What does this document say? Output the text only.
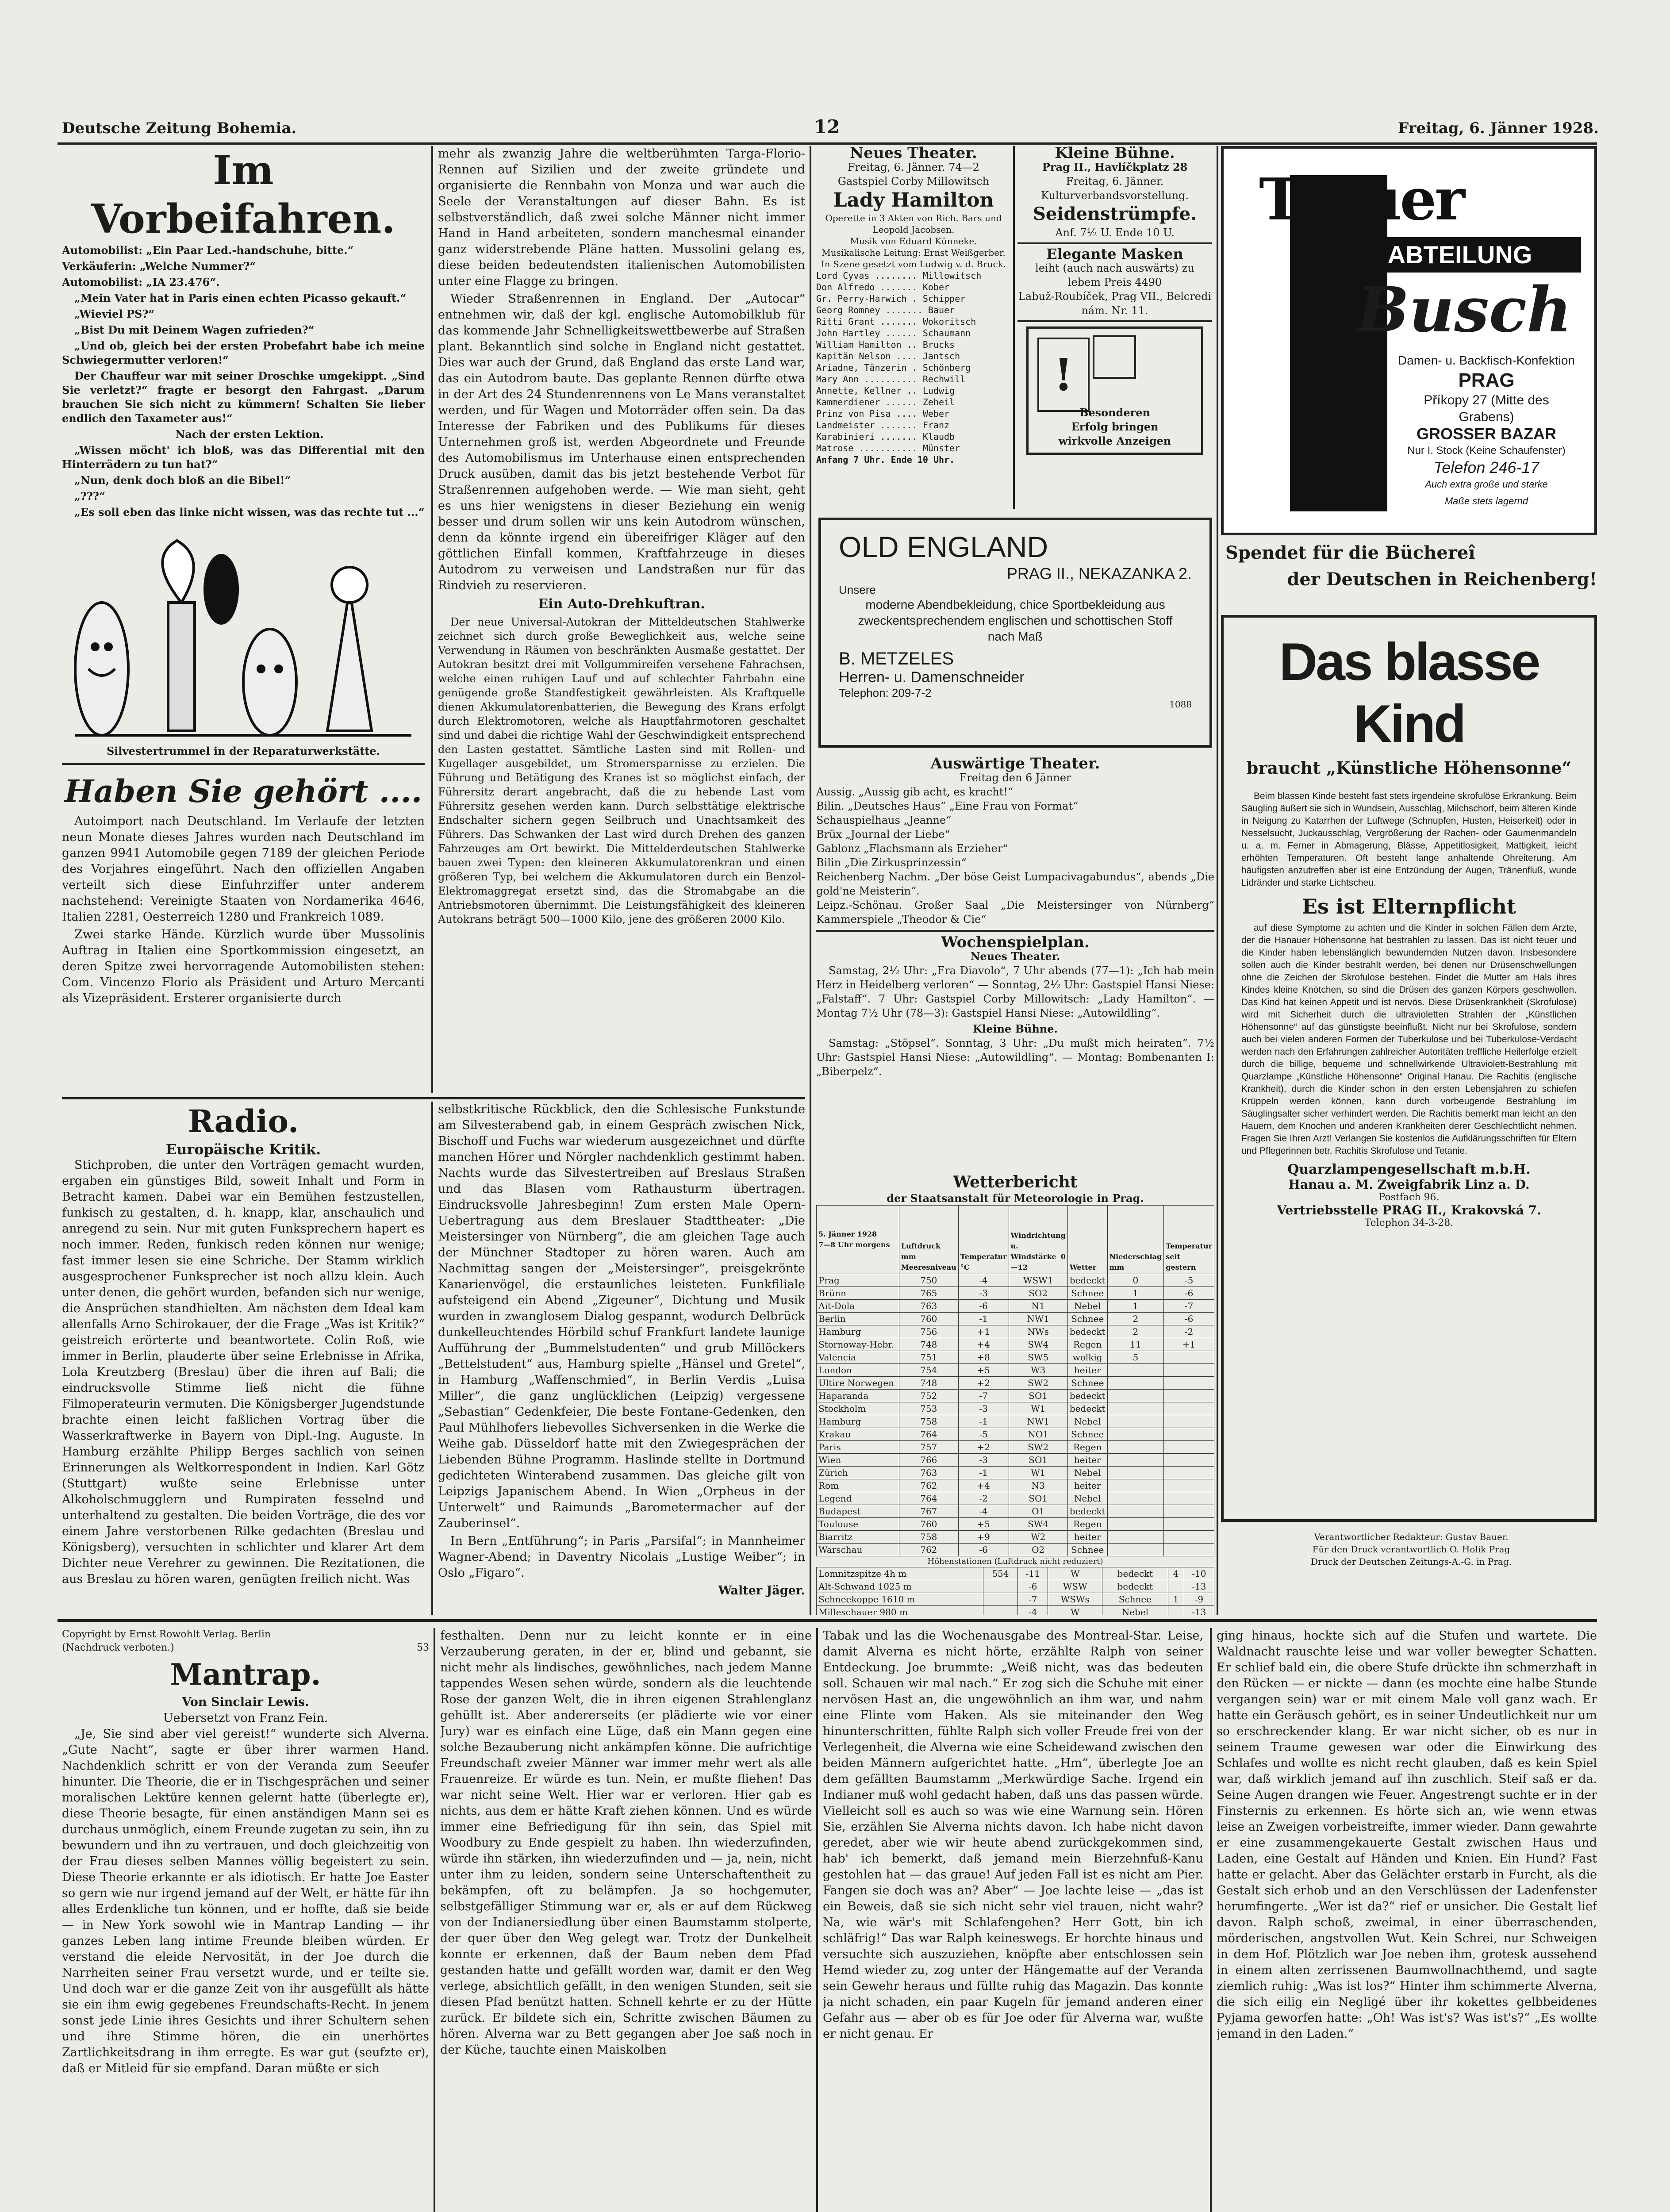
Deutsche Zeitung Bohemia.	12	Freitag, 6. Jänner 1928.
Im Vorbeifahren.

Automobilist: „Ein Paar Led.-handschuhe, bitte.“

Verkäuferin: „Welche Nummer?“

Automobilist: „IA 23.476“.

„Mein Vater hat in Paris einen echten Picasso gekauft.“

„Wieviel PS?“

„Bist Du mit Deinem Wagen zufrieden?“

„Und ob, gleich bei der ersten Probefahrt habe ich meine Schwiegermutter verloren!“

Der Chauffeur war mit seiner Droschke umgekippt. „Sind Sie verletzt?“ fragte er besorgt den Fahrgast. „Darum brauchen Sie sich nicht zu kümmern! Schalten Sie lieber endlich den Taxameter aus!“

Nach der ersten Lektion.

„Wissen möcht' ich bloß, was das Differential mit den Hinterrädern zu tun hat?“

„Nun, denk doch bloß an die Bibel!“

„???“

„Es soll eben das linke nicht wissen, was das rechte tut ...“

Silvestertrummel in der Reparaturwerkstätte.
Haben Sie gehört ....

Autoimport nach Deutschland. Im Verlaufe der letzten neun Monate dieses Jahres wurden nach Deutschland im ganzen 9941 Automobile gegen 7189 der gleichen Periode des Vorjahres eingeführt. Nach den offiziellen Angaben verteilt sich diese Einfuhrziffer unter anderem nachstehend: Vereinigte Staaten von Nordamerika 4646, Italien 2281, Oesterreich 1280 und Frankreich 1089.

Zwei starke Hände. Kürzlich wurde über Mussolinis Auftrag in Italien eine Sportkommission eingesetzt, an deren Spitze zwei hervorragende Automobilisten stehen: Com. Vincenzo Florio als Präsident und Arturo Mercanti als Vizepräsident. Ersterer organisierte durch

mehr als zwanzig Jahre die weltberühmten Targa-Florio-Rennen auf Sizilien und der zweite gründete und organisierte die Rennbahn von Monza und war auch die Seele der Veranstaltungen auf dieser Bahn. Es ist selbstverständlich, daß zwei solche Männer nicht immer Hand in Hand arbeiteten, sondern manchesmal einander ganz widerstrebende Pläne hatten. Mussolini gelang es, diese beiden bedeutendsten italienischen Automobilisten unter eine Flagge zu bringen.

Wieder Straßenrennen in England. Der „Autocar“ entnehmen wir, daß der kgl. englische Automobilklub für das kommende Jahr Schnelligkeitswettbewerbe auf Straßen plant. Bekanntlich sind solche in England nicht gestattet. Dies war auch der Grund, daß England das erste Land war, das ein Autodrom baute. Das geplante Rennen dürfte etwa in der Art des 24 Stundenrennens von Le Mans veranstaltet werden, und für Wagen und Motorräder offen sein. Da das Interesse der Fabriken und des Publikums für dieses Unternehmen groß ist, werden Abgeordnete und Freunde des Automobilismus im Unterhause einen entsprechenden Druck ausüben, damit das bis jetzt bestehende Verbot für Straßenrennen aufgehoben werde. — Wie man sieht, geht es uns hier wenigstens in dieser Beziehung ein wenig besser und drum sollen wir uns kein Autodrom wünschen, denn da könnte irgend ein übereifriger Kläger auf den göttlichen Einfall kommen, Kraftfahrzeuge in dieses Autodrom zu verweisen und Landstraßen nur für das Rindvieh zu reservieren.

Ein Auto-Drehkuftran.

Der neue Universal-Autokran der Mitteldeutschen Stahlwerke zeichnet sich durch große Beweglichkeit aus, welche seine Verwendung in Räumen von beschränkten Ausmaße gestattet. Der Autokran besitzt drei mit Vollgummireifen versehene Fahrachsen, welche einen ruhigen Lauf und auf schlechter Fahrbahn eine genügende große Standfestigkeit gewährleisten. Als Kraftquelle dienen Akkumulatorenbatterien, die Bewegung des Krans erfolgt durch Elektromotoren, welche als Hauptfahrmotoren geschaltet sind und dabei die richtige Wahl der Geschwindigkeit entsprechend den Lasten gestattet. Sämtliche Lasten sind mit Rollen- und Kugellager ausgebildet, um Stromersparnisse zu erzielen. Die Führung und Betätigung des Kranes ist so möglichst einfach, der Führersitz derart angebracht, daß die zu hebende Last vom Führersitz gesehen werden kann. Durch selbsttätige elektrische Endschalter sichern gegen Seilbruch und Unachtsamkeit des Führers. Das Schwanken der Last wird durch Drehen des ganzen Fahrzeuges am Ort bewirkt. Die Mittelderdeutschen Stahlwerke bauen zwei Typen: den kleineren Akkumulatorenkran und einen größeren Typ, bei welchem die Akkumulatoren durch ein Benzol-Elektromaggregat ersetzt sind, das die Stromabgabe an die Antriebsmotoren übernimmt. Die Leistungsfähigkeit des kleineren Autokrans beträgt 500—1000 Kilo, jene des größeren 2000 Kilo.

Radio.
Europäische Kritik.

Stichproben, die unter den Vorträgen gemacht wurden, ergaben ein günstiges Bild, soweit Inhalt und Form in Betracht kamen. Dabei war ein Bemühen festzustellen, funkisch zu gestalten, d. h. knapp, klar, anschaulich und anregend zu sein. Nur mit guten Funksprechern hapert es noch immer. Reden, funkisch reden können nur wenige; fast immer lesen sie eine Schriche. Der Stamm wirklich ausgesprochener Funksprecher ist noch allzu klein. Auch unter denen, die gehört wurden, befanden sich nur wenige, die Ansprüchen standhielten. Am nächsten dem Ideal kam allenfalls Arno Schirokauer, der die Frage „Was ist Kritik?“ geistreich erörterte und beantwortete. Colin Roß, wie immer in Berlin, plauderte über seine Erlebnisse in Afrika, Lola Kreutzberg (Breslau) über die ihren auf Bali; die eindrucksvolle Stimme ließ nicht die fühne Filmoperateurin vermuten. Die Königsberger Jugendstunde brachte einen leicht faßlichen Vortrag über die Wasserkraftwerke in Bayern von Dipl.-Ing. Auguste. In Hamburg erzählte Philipp Berges sachlich von seinen Erinnerungen als Weltkorrespondent in Indien. Karl Götz (Stuttgart) wußte seine Erlebnisse unter Alkoholschmugglern und Rumpiraten fesselnd und unterhaltend zu gestalten. Die beiden Vorträge, die des vor einem Jahre verstorbenen Rilke gedachten (Breslau und Königsberg), versuchten in schlichter und klarer Art dem Dichter neue Verehrer zu gewinnen. Die Rezitationen, die aus Breslau zu hören waren, genügten freilich nicht. Was

selbstkritische Rückblick, den die Schlesische Funkstunde am Silvesterabend gab, in einem Gespräch zwischen Nick, Bischoff und Fuchs war wiederum ausgezeichnet und dürfte manchen Hörer und Nörgler nachdenklich gestimmt haben. Nachts wurde das Silvestertreiben auf Breslaus Straßen und das Blasen vom Rathausturm übertragen. Eindrucksvolle Jahresbeginn! Zum ersten Male Opern-Uebertragung aus dem Breslauer Stadttheater: „Die Meistersinger von Nürnberg“, die am gleichen Tage auch der Münchner Stadtoper zu hören waren. Auch am Nachmittag sangen der „Meistersinger“, preisgekrönte Kanarienvögel, die erstaunliches leisteten. Funkfiliale aufsteigend ein Abend „Zigeuner“, Dichtung und Musik wurden in zwanglosem Dialog gespannt, wodurch Delbrück dunkelleuchtendes Hörbild schuf Frankfurt landete launige Aufführung der „Bummelstudenten“ und grub Millöckers „Bettelstudent“ aus, Hamburg spielte „Hänsel und Gretel“, in Hamburg „Waffenschmied“, in Berlin Verdis „Luisa Miller“, die ganz unglücklichen (Leipzig) vergessene „Sebastian“ Gedenkfeier, Die beste Fontane-Gedenken, den Paul Mühlhofers liebevolles Sichversenken in die Werke die Weihe gab. Düsseldorf hatte mit den Zwiegesprächen der Liebenden Bühne Programm. Haslinde stellte in Dortmund gedichteten Winterabend zusammen. Das gleiche gilt von Leipzigs Japanischem Abend. In Wien „Orpheus in der Unterwelt“ und Raimunds „Barometermacher auf der Zauberinsel“.

In Bern „Entführung“; in Paris „Parsifal“; in Mannheimer Wagner-Abend; in Daventry Nicolais „Lustige Weiber“; in Oslo „Figaro“.

Walter Jäger.
Neues Theater.
Freitag, 6. Jänner. 74—2
Gastspiel Corby Millowitsch
Lady Hamilton
Operette in 3 Akten von Rich. Bars und Leopold Jacobsen.
Musik von Eduard Künneke.
Musikalische Leitung: Ernst Weißgerber. In Szene gesetzt vom Ludwig v. d. Bruck.
Lord Cyvas ........ Millowitsch
Don Alfredo ....... Kober
Gr. Perry-Harwich . Schipper
Georg Romney ....... Bauer
Ritti Grant ....... Wokoritsch
John Hartley ...... Schaumann
William Hamilton .. Brucks
Kapitän Nelson .... Jantsch
Ariadne, Tänzerin . Schönberg
Mary Ann .......... Rechwill
Annette, Kellner .. Ludwig
Kammerdiener ...... Zeheil
Prinz von Pisa .... Weber
Landmeister ....... Franz
Karabinieri ....... Klaudb
Matrose ........... Münster
Anfang 7 Uhr. Ende 10 Uhr.
Kleine Bühne.
Prag II., Havlíčkplatz 28
Freitag, 6. Jänner.
Kulturverbandsvorstellung.
Seidenstrümpfe.
Anf. 7½ U. Ende 10 U.
Elegante Masken
leiht (auch nach auswärts) zu lebem Preis 4490
Labuž-Roubíček, Prag VII., Belcredi nám. Nr. 11.
!
Besonderen
Erfolg bringen
wirkvolle Anzeigen
OLD ENGLAND
PRAG II., NEKAZANKA 2.
Unsere
moderne Abendbekleidung, chice Sportbekleidung aus zweckentsprechendem englischen und schottischen Stoff nach Maß
B. METZELES
Herren- u. Damenschneider
Telephon: 209-7-2
1088
Auswärtige Theater.
Freitag den 6 Jänner
Aussig. „Aussig gib acht, es kracht!“
Bilin. „Deutsches Haus“ „Eine Frau von Format“
Schauspielhaus „Jeanne“
Brüx „Journal der Liebe“
Gablonz „Flachsmann als Erzieher“
Bilin „Die Zirkusprinzessin“
Reichenberg Nachm. „Der böse Geist Lumpacivagabundus“, abends „Die gold'ne Meisterin“.
Leipz.-Schönau. Großer Saal „Die Meistersinger von Nürnberg“ Kammerspiele „Theodor & Cie“
Wochenspielplan.
Neues Theater.

Samstag, 2½ Uhr: „Fra Diavolo“, 7 Uhr abends (77—1): „Ich hab mein Herz in Heidelberg verloren“ — Sonntag, 2½ Uhr: Gastspiel Hansi Niese: „Falstaff“. 7 Uhr: Gastspiel Corby Millowitsch: „Lady Hamilton“. — Montag 7½ Uhr (78—3): Gastspiel Hansi Niese: „Autowildling“.

Kleine Bühne.

Samstag: „Stöpsel“. Sonntag, 3 Uhr: „Du mußt mich heiraten“. 7½ Uhr: Gastspiel Hansi Niese: „Autowildling“. — Montag: Bombenanten I: „Biberpelz“.

Wetterbericht
der Staatsanstalt für Meteorologie in Prag.
5. Jänner 1928
7—8 Uhr morgens	Luftdruck mm Meeresniveau	Temperatur °C	Windrichtung u. Windstärke 0—12	Wetter	Niederschlag mm	Temperatur seit gestern
Prag	750	-4	WSW1	bedeckt	0	-5
Brünn	765	-3	SO2	Schnee	1	-6
Ait-Dola	763	-6	N1	Nebel	1	-7
Berlin	760	-1	NW1	Schnee	2	-6
Hamburg	756	+1	NWs	bedeckt	2	-2
Stornoway-Hebr.	748	+4	SW4	Regen	11	+1
Valencia	751	+8	SW5	wolkig	5	
London	754	+5	W3	heiter		
Ultire Norwegen	748	+2	SW2	Schnee		
Haparanda	752	-7	SO1	bedeckt		
Stockholm	753	-3	W1	bedeckt		
Hamburg	758	-1	NW1	Nebel		
Krakau	764	-5	NO1	Schnee		
Paris	757	+2	SW2	Regen		
Wien	766	-3	SO1	heiter		
Zürich	763	-1	W1	Nebel		
Rom	762	+4	N3	heiter		
Legend	764	-2	SO1	Nebel		
Budapest	767	-4	O1	bedeckt		
Toulouse	760	+5	SW4	Regen		
Biarritz	758	+9	W2	heiter		
Warschau	762	-6	O2	Schnee		
Höhenstationen (Luftdruck nicht reduziert)
Lomnitzspitze 4h m	554	-11	W	bedeckt	4	-10
Alt-Schwand 1025 m		-6	WSW	bedeckt		-13
Schneekoppe 1610 m		-7	WSWs	Schnee	1	-9
Milleschauer 980 m		-4	W	Nebel		-13
Trauer
ABTEILUNG
Busch
Damen- u. Backfisch-Konfektion
PRAG
Příkopy 27 (Mitte des Grabens)
GROSSER BAZAR
Nur I. Stock (Keine Schaufenster)
Telefon 246-17
Auch extra große und starke
Maße stets lagernd
Spendet für die Büchereî
der Deutschen in Reichenberg!
Das blasse Kind
braucht „Künstliche Höhensonne“

Beim blassen Kinde besteht fast stets irgendeine skrofulöse Erkrankung. Beim Säugling äußert sie sich in Wundsein, Ausschlag, Milchschorf, beim älteren Kinde in Neigung zu Katarrhen der Luftwege (Schnupfen, Husten, Heiserkeit) oder in Nesselsucht, Juckausschlag, Vergrößerung der Rachen- oder Gaumenmandeln u. a. m. Ferner in Abmagerung, Blässe, Appetitlosigkeit, Mattigkeit, leicht erhöhten Temperaturen. Oft besteht lange anhaltende Ohreiterung. Am häufigsten anzutreffen aber ist eine Entzündung der Augen, Tränenfluß, wunde Lidränder und starke Lichtscheu.

Es ist Elternpflicht

auf diese Symptome zu achten und die Kinder in solchen Fällen dem Arzte, der die Hanauer Höhensonne hat bestrahlen zu lassen. Das ist nicht teuer und die Kinder haben lebenslänglich bewundernden Nutzen davon. Insbesondere sollen auch die Kinder bestrahlt werden, bei denen nur Drüsenschwellungen ohne die Zeichen der Skrofulose bestehen. Findet die Mutter am Hals ihres Kindes kleine Knötchen, so sind die Drüsen des ganzen Körpers geschwollen. Das Kind hat keinen Appetit und ist nervös. Diese Drüsenkrankheit (Skrofulose) wird mit Sicherheit durch die ultravioletten Strahlen der „Künstlichen Höhensonne“ auf das günstigste beeinflußt. Nicht nur bei Skrofulose, sondern auch bei vielen anderen Formen der Tuberkulose und bei Tuberkulose-Verdacht werden nach den Erfahrungen zahlreicher Autoritäten treffliche Heilerfolge erzielt durch die billige, bequeme und schnellwirkende Ultraviolett-Bestrahlung mit Quarzlampe „Künstliche Höhensonne“ Original Hanau. Die Rachitis (englische Krankheit), durch die Kinder schon in den ersten Lebensjahren zu schiefen Krüppeln werden können, kann durch vorbeugende Bestrahlung im Säuglingsalter sicher verhindert werden. Die Rachitis bemerkt man leicht an den Hauern, dem Knochen und anderen Krankheiten derer Geschlechtlicht nehmen. Fragen Sie Ihren Arzt! Verlangen Sie kostenlos die Aufklärungsschriften für Eltern und Pflegerinnen betr. Rachitis Skrofulose und Tetanie.

Quarzlampengesellschaft m.b.H.
Hanau a. M. Zweigfabrik Linz a. D.
Postfach 96.
Vertriebsstelle PRAG II., Krakovská 7.
Telephon 34-3-28.
Verantwortlicher Redakteur: Gustav Bauer.
Für den Druck verantwortlich O. Holik Prag
Druck der Deutschen Zeitungs-A.-G. in Prag.
Copyright by Ernst Rowohlt Verlag. Berlin
(Nachdruck verboten.)	53
Mantrap.
Von Sinclair Lewis.
Uebersetzt von Franz Fein.

„Je, Sie sind aber viel gereist!“ wunderte sich Alverna. „Gute Nacht“, sagte er über ihrer warmen Hand. Nachdenklich schritt er von der Veranda zum Seeufer hinunter. Die Theorie, die er in Tischgesprächen und seiner moralischen Lektüre kennen gelernt hatte (überlegte er), diese Theorie besagte, für einen anständigen Mann sei es durchaus unmöglich, einem Freunde zugetan zu sein, ihn zu bewundern und ihn zu vertrauen, und doch gleichzeitig von der Frau dieses selben Mannes völlig begeistert zu sein. Diese Theorie erkannte er als idiotisch. Er hatte Joe Easter so gern wie nur irgend jemand auf der Welt, er hätte für ihn alles Erdenkliche tun können, und er hoffte, daß sie beide — in New York sowohl wie in Mantrap Landing — ihr ganzes Leben lang intime Freunde bleiben würden. Er verstand die eleide Nervosität, in der Joe durch die Narrheiten seiner Frau versetzt wurde, und er teilte sie. Und doch war er die ganze Zeit von ihr ausgefüllt als hätte sie ein ihm ewig gegebenes Freundschafts-Recht. In jenem sonst jede Linie ihres Gesichts und ihrer Schultern sehen und ihre Stimme hören, die ein unerhörtes Zartlichkeitsdrang in ihm erregte. Es war gut (seufzte er), daß er Mitleid für sie empfand. Daran müßte er sich

festhalten. Denn nur zu leicht konnte er in eine Verzauberung geraten, in der er, blind und gebannt, sie nicht mehr als lindisches, gewöhnliches, nach jedem Manne tappendes Wesen sehen würde, sondern als die leuchtende Rose der ganzen Welt, die in ihren eigenen Strahlenglanz gehüllt ist. Aber andererseits (er plädierte wie vor einer Jury) war es einfach eine Lüge, daß ein Mann gegen eine solche Bezauberung nicht ankämpfen könne. Die aufrichtige Freundschaft zweier Männer war immer mehr wert als alle Frauenreize. Er würde es tun. Nein, er mußte fliehen! Das war nicht seine Welt. Hier war er verloren. Hier gab es nichts, aus dem er hätte Kraft ziehen können. Und es würde immer eine Befriedigung für ihn sein, das Spiel mit Woodbury zu Ende gespielt zu haben. Ihn wiederzufinden, würde ihn stärken, ihn wiederzufinden und — ja, nein, nicht unter ihm zu leiden, sondern seine Unterschaftentheit zu bekämpfen, oft zu belämpfen. Ja so hochgemuter, selbstgefälliger Stimmung war er, als er auf dem Rückweg von der Indianersiedlung über einen Baumstamm stolperte, der quer über den Weg gelegt war. Trotz der Dunkelheit konnte er erkennen, daß der Baum neben dem Pfad gestanden hatte und gefällt worden war, damit er den Weg verlege, absichtlich gefällt, in den wenigen Stunden, seit sie diesen Pfad benützt hatten. Schnell kehrte er zu der Hütte zurück. Er bildete sich ein, Schritte zwischen Bäumen zu hören. Alverna war zu Bett gegangen aber Joe saß noch in der Küche, tauchte einen Maiskolben

Tabak und las die Wochenausgabe des Montreal-Star. Leise, damit Alverna es nicht hörte, erzählte Ralph von seiner Entdeckung. Joe brummte: „Weiß nicht, was das bedeuten soll. Schauen wir mal nach.“ Er zog sich die Schuhe mit einer nervösen Hast an, die ungewöhnlich an ihm war, und nahm eine Flinte vom Haken. Als sie miteinander den Weg hinunterschritten, fühlte Ralph sich voller Freude frei von der Verlegenheit, die Alverna wie eine Scheidewand zwischen den beiden Männern aufgerichtet hatte. „Hm“, überlegte Joe an dem gefällten Baumstamm „Merkwürdige Sache. Irgend ein Indianer muß wohl gedacht haben, daß uns das passen würde. Vielleicht soll es auch so was wie eine Warnung sein. Hören Sie, erzählen Sie Alverna nichts davon. Ich habe nicht davon geredet, aber wie wir heute abend zurückgekommen sind, hab' ich bemerkt, daß jemand mein Bierzehnfuß-Kanu gestohlen hat — das graue! Auf jeden Fall ist es nicht am Pier. Fangen sie doch was an? Aber“ — Joe lachte leise — „das ist ein Beweis, daß sie sich nicht sehr viel trauen, nicht wahr? Na, wie wär's mit Schlafengehen? Herr Gott, bin ich schläfrig!“ Das war Ralph keineswegs. Er horchte hinaus und versuchte sich auszuziehen, knöpfte aber entschlossen sein Hemd wieder zu, zog unter der Hängematte auf der Veranda sein Gewehr heraus und füllte ruhig das Magazin. Das konnte ja nicht schaden, ein paar Kugeln für jemand anderen einer Gefahr aus — aber ob es für Joe oder für Alverna war, wußte er nicht genau. Er

ging hinaus, hockte sich auf die Stufen und wartete. Die Waldnacht rauschte leise und war voller bewegter Schatten. Er schlief bald ein, die obere Stufe drückte ihn schmerzhaft in den Rücken — er nickte — dann (es mochte eine halbe Stunde vergangen sein) war er mit einem Male voll ganz wach. Er hatte ein Geräusch gehört, es in seiner Undeutlichkeit nur um so erschreckender klang. Er war nicht sicher, ob es nur in seinem Traume gewesen war oder die Einwirkung des Schlafes und wollte es nicht recht glauben, daß es kein Spiel war, daß wirklich jemand auf ihn zuschlich. Steif saß er da. Seine Augen drangen wie Feuer. Angestrengt suchte er in der Finsternis zu erkennen. Es hörte sich an, wie wenn etwas leise an Zweigen vorbeistreifte, immer wieder. Dann gewahrte er eine zusammengekauerte Gestalt zwischen Haus und Laden, eine Gestalt auf Händen und Knien. Ein Hund? Fast hatte er gelacht. Aber das Gelächter erstarb in Furcht, als die Gestalt sich erhob und an den Verschlüssen der Ladenfenster herumfingerte. „Wer ist da?“ rief er unsicher. Die Gestalt lief davon. Ralph schoß, zweimal, in einer überraschenden, mörderischen, angstvollen Wut. Kein Schrei, nur Schweigen in dem Hof. Plötzlich war Joe neben ihm, grotesk aussehend in einem alten zerrissenen Baumwollnachthemd, und sagte ziemlich ruhig: „Was ist los?“ Hinter ihm schimmerte Alverna, die sich eilig ein Negligé über ihr kokettes gelbbeidenes Pyjama geworfen hatte: „Oh! Was ist's? Was ist's?“ „Es wollte jemand in den Laden.“
